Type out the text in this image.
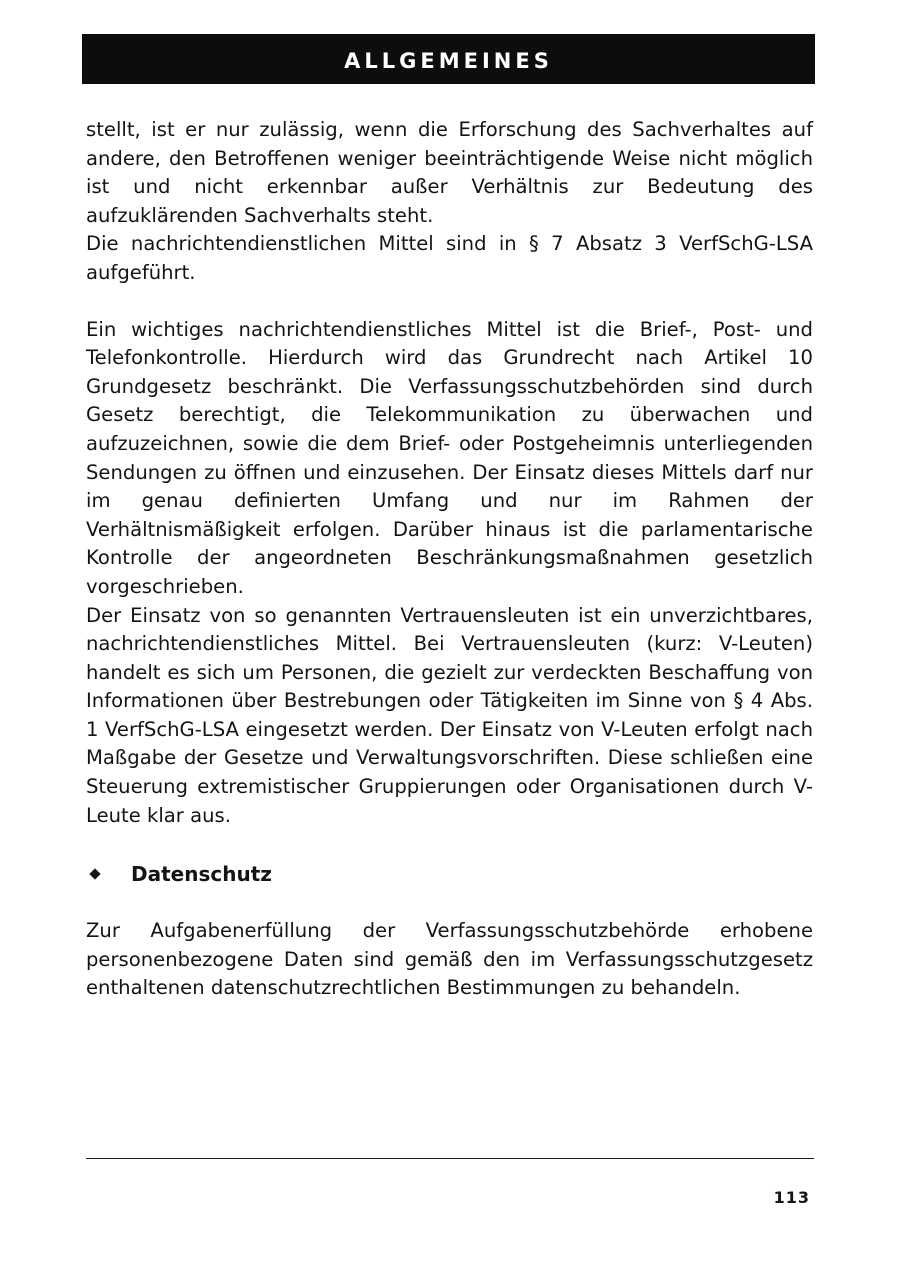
ALLGEMEINES

stellt, ist er nur zulässig, wenn die Erforschung des Sachverhaltes auf andere, den Betroffenen weniger beeinträchtigende Weise nicht möglich ist und nicht erkennbar außer Verhältnis zur Bedeutung des aufzuklärenden Sachverhalts steht.

Die nachrichtendienstlichen Mittel sind in § 7 Absatz 3 VerfSchG-LSA aufgeführt.

Ein wichtiges nachrichtendienstliches Mittel ist die Brief-, Post- und Telefonkontrolle. Hierdurch wird das Grundrecht nach Artikel 10 Grundgesetz beschränkt. Die Verfassungsschutzbehörden sind durch Gesetz berechtigt, die Telekommunikation zu überwachen und aufzuzeichnen, sowie die dem Brief- oder Postgeheimnis unterliegenden Sendungen zu öffnen und einzusehen. Der Einsatz dieses Mittels darf nur im genau definierten Umfang und nur im Rahmen der Verhältnismäßigkeit erfolgen. Darüber hinaus ist die parlamentarische Kontrolle der angeordneten Beschränkungsmaßnahmen gesetzlich vorgeschrieben.

Der Einsatz von so genannten Vertrauensleuten ist ein unverzichtbares, nachrichtendienstliches Mittel. Bei Vertrauensleuten (kurz: V-Leuten) handelt es sich um Personen, die gezielt zur verdeckten Beschaffung von Informationen über Bestrebungen oder Tätigkeiten im Sinne von § 4 Abs. 1 VerfSchG-LSA eingesetzt werden. Der Einsatz von V-Leuten erfolgt nach Maßgabe der Gesetze und Verwaltungsvorschriften. Diese schließen eine Steuerung extremistischer Gruppierungen oder Organisationen durch V-Leute klar aus.

Datenschutz

Zur Aufgabenerfüllung der Verfassungsschutzbehörde erhobene personenbezogene Daten sind gemäß den im Verfassungsschutzgesetz enthaltenen datenschutzrechtlichen Bestimmungen zu behandeln.

113
